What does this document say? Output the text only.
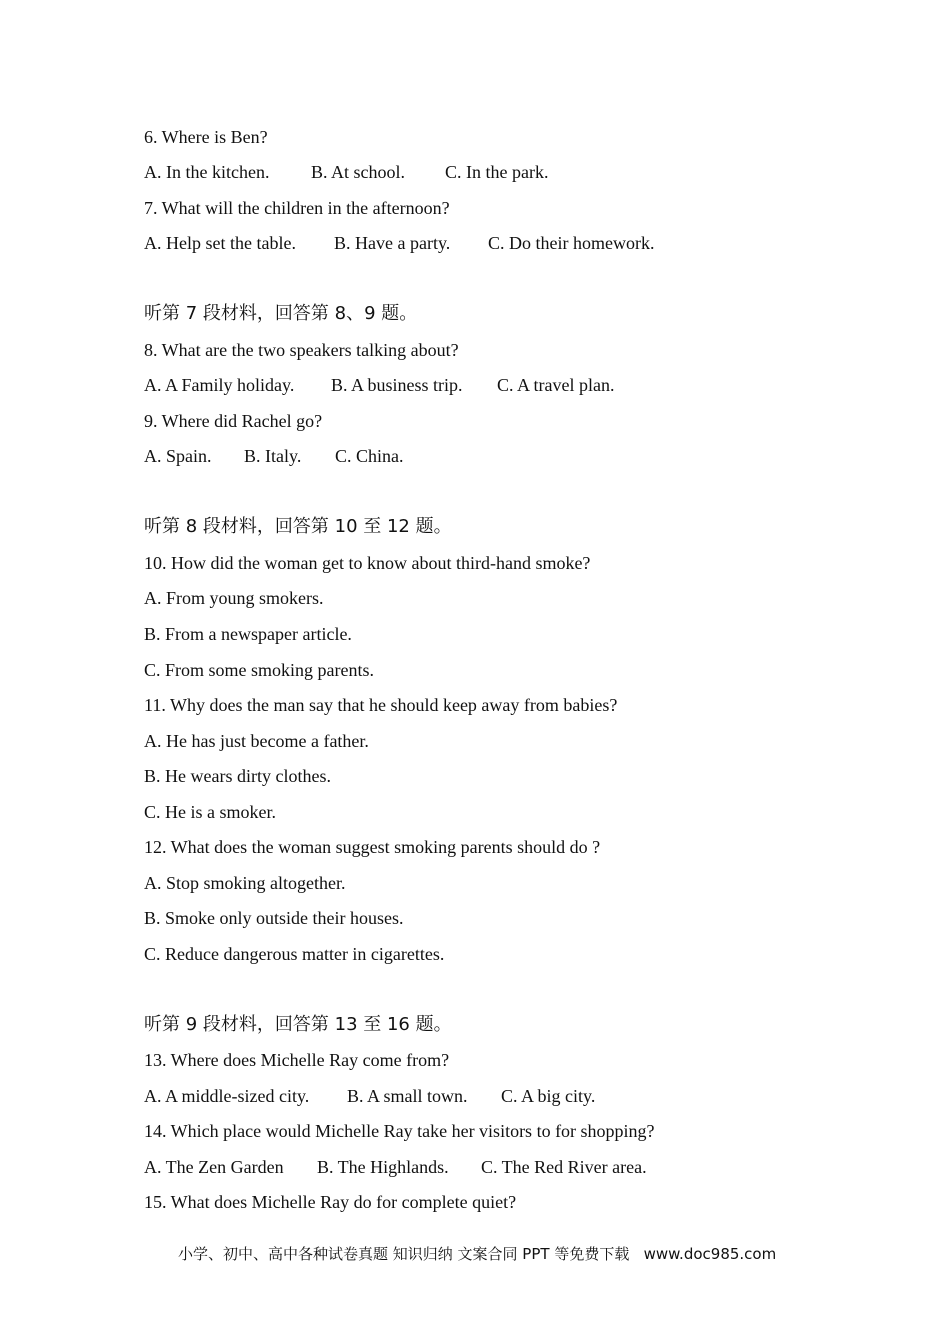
6. Where is Ben?
A. In the kitchen. B. At school. C. In the park.
7. What will the children in the afternoon?
A. Help set the table. B. Have a party. C. Do their homework.
听第 7 段材料，回答第 8、9 题。
8. What are the two speakers talking about?
A. A Family holiday. B. A business trip. C. A travel plan.
9. Where did Rachel go?
A. Spain. B. Italy. C. China.
听第 8 段材料，回答第 10 至 12 题。
10. How did the woman get to know about third-hand smoke?
A. From young smokers.
B. From a newspaper article.
C. From some smoking parents.
11. Why does the man say that he should keep away from babies?
A. He has just become a father.
B. He wears dirty clothes.
C. He is a smoker.
12. What does the woman suggest smoking parents should do ?
A. Stop smoking altogether.
B. Smoke only outside their houses.
C. Reduce dangerous matter in cigarettes.
听第 9 段材料，回答第 13 至 16 题。
13. Where does Michelle Ray come from?
A. A middle-sized city. B. A small town. C. A big city.
14. Which place would Michelle Ray take her visitors to for shopping?
A. The Zen Garden B. The Highlands. C. The Red River area.
15. What does Michelle Ray do for complete quiet?
小学、初中、高中各种试卷真题 知识归纳 文案合同 PPT 等免费下载   www.doc985.com
